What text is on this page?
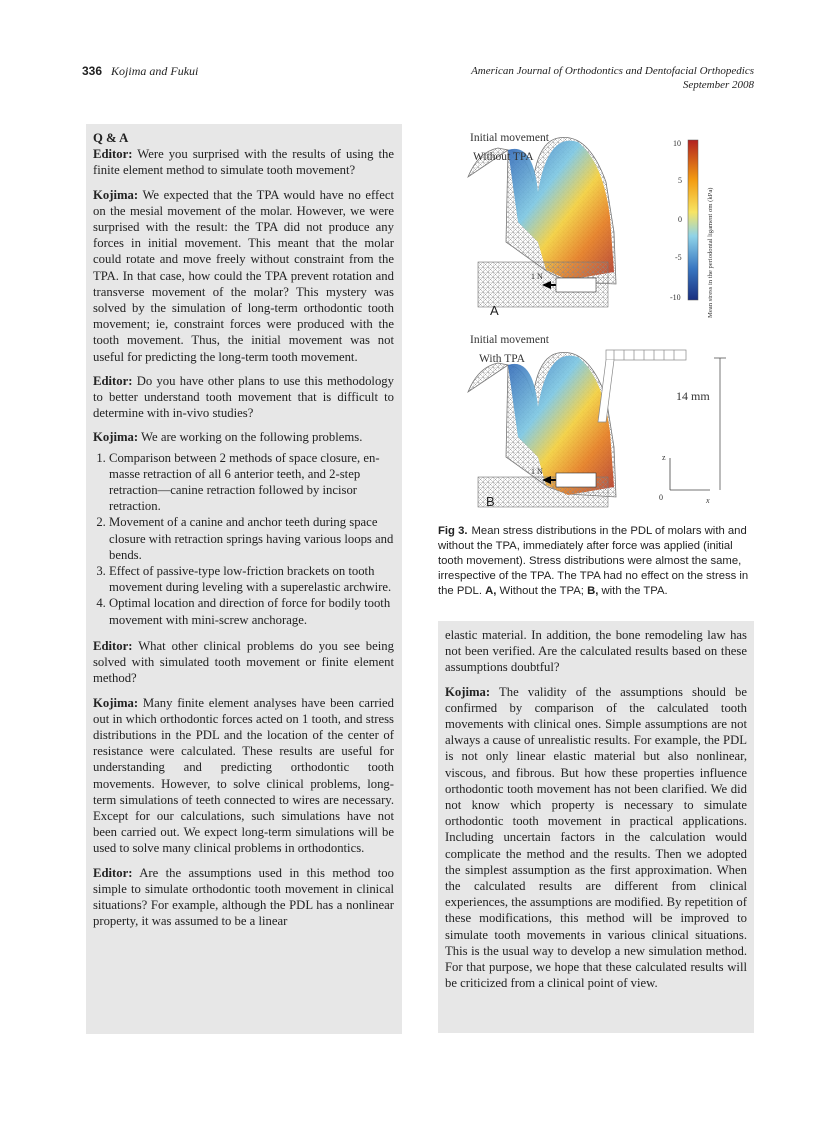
336 Kojima and Fukui	American Journal of Orthodontics and Dentofacial Orthopedics
September 2008

Q & A

Editor: Were you surprised with the results of using the finite element method to simulate tooth movement?

Kojima: We expected that the TPA would have no effect on the mesial movement of the molar. However, we were surprised with the result: the TPA did not produce any forces in initial movement. This meant that the molar could rotate and move freely without constraint from the TPA. In that case, how could the TPA prevent rotation and transverse movement of the molar? This mystery was solved by the simulation of long-term orthodontic tooth movement; ie, constraint forces were produced with the tooth movement. Thus, the initial movement was not useful for predicting the long-term tooth movement.

Editor: Do you have other plans to use this methodology to better understand tooth movement that is difficult to determine with in-vivo studies?

Kojima: We are working on the following problems.

1. Comparison between 2 methods of space closure, en-masse retraction of all 6 anterior teeth, and 2-step retraction—canine retraction followed by incisor retraction.
2. Movement of a canine and anchor teeth during space closure with retraction springs having various loops and bends.
3. Effect of passive-type low-friction brackets on tooth movement during leveling with a superelastic archwire.
4. Optimal location and direction of force for bodily tooth movement with mini-screw anchorage.

Editor: What other clinical problems do you see being solved with simulated tooth movement or finite element method?

Kojima: Many finite element analyses have been carried out in which orthodontic forces acted on 1 tooth, and stress distributions in the PDL and the location of the center of resistance were calculated. These results are useful for understanding and predicting orthodontic tooth movements. However, to solve clinical problems, long-term simulations of teeth connected to wires are necessary. Except for our calculations, such simulations have not been carried out. We expect long-term simulations will be used to solve many clinical problems in orthodontics.

Editor: Are the assumptions used in this method too simple to simulate orthodontic tooth movement in clinical situations? For example, although the PDL has a nonlinear property, it was assumed to be a linear

1 N
Initial movement
Without TPA
A
10
5
0
-5
-10	Mean stress in the periodontal ligament σm (kPa)
1 N
Initial movement
With TPA
B
14 mm
z
x
0
Fig 3. Mean stress distributions in the PDL of molars with and without the TPA, immediately after force was applied (initial tooth movement). Stress distributions were almost the same, irrespective of the TPA. The TPA had no effect on the stress in the PDL. A, Without the TPA; B, with the TPA.

elastic material. In addition, the bone remodeling law has not been verified. Are the calculated results based on these assumptions doubtful?

Kojima: The validity of the assumptions should be confirmed by comparison of the calculated tooth movements with clinical ones. Simple assumptions are not always a cause of unrealistic results. For example, the PDL is not only linear elastic material but also nonlinear, viscous, and fibrous. But how these properties influence orthodontic tooth movement has not been clarified. We did not know which property is necessary to simulate orthodontic tooth movement in practical applications. Including uncertain factors in the calculation would complicate the method and the results. Then we adopted the simplest assumption as the first approximation. When the calculated results are different from clinical experiences, the assumptions are modified. By repetition of these modifications, this method will be improved to simulate tooth movements in various clinical situations. This is the usual way to develop a new simulation method. For that purpose, we hope that these calculated results will be criticized from a clinical point of view.
